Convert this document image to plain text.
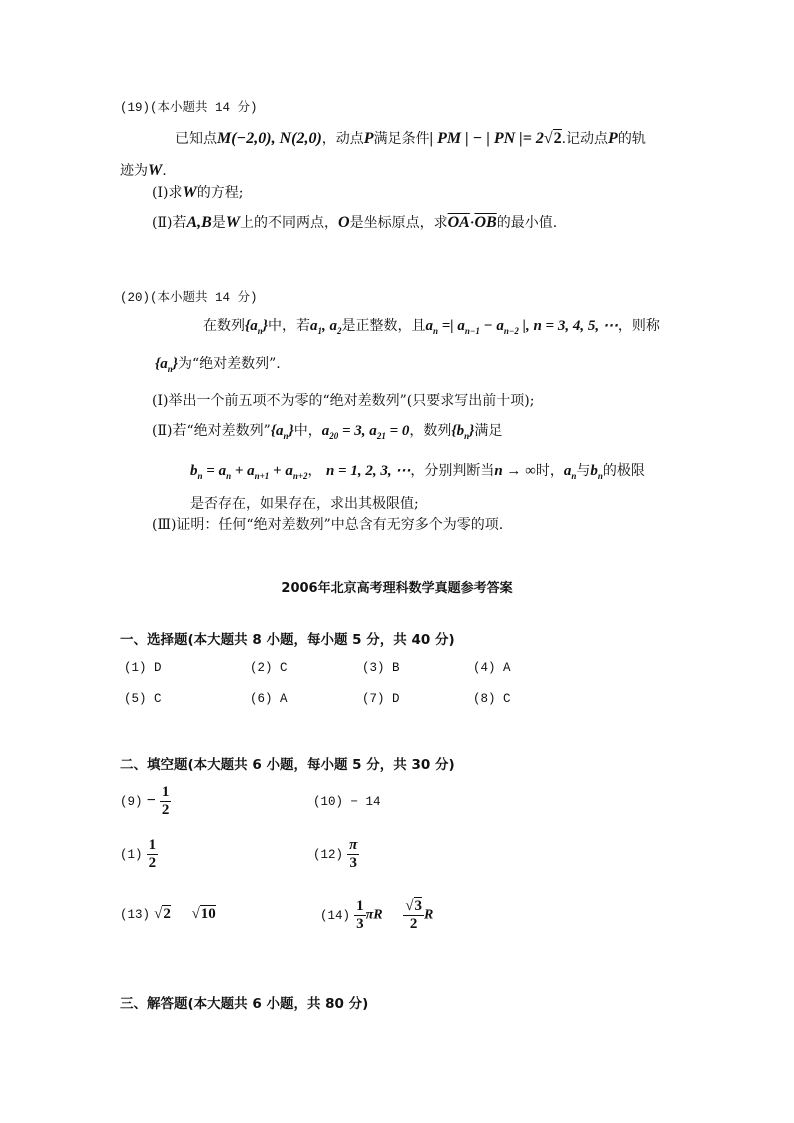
(19)(本小题共 14 分)
已知点M(−2,0), N(2,0)，动点P满足条件| PM | − | PN |= 2√2.记动点P的轨
迹为W.
(Ⅰ)求W的方程;
(Ⅱ)若A,B是W上的不同两点，O是坐标原点，求$\overline{OA}\cdot\overline{OB}$的最小值.
(20)(本小题共 14 分)
在数列$\{a_n\}$中，若$a_1$, $a_2$是正整数，且$a_n$ =| $a_{n-1} - a_{n-2}$ |, n = 3, 4, 5, ⋯，则称
$\{a_n\}$为“绝对差数列”.
(Ⅰ)举出一个前五项不为零的“绝对差数列”(只要求写出前十项);
(Ⅱ)若“绝对差数列$”\{a_n\}$中，$a_{20} = 3$, $a_{21} = 0$，数列$\{b_n\}$满足
$b_n = a_n + a_{n+1} + a_{n+2}$， n = 1, 2, 3, ⋯，分别判断当n → ∞时，$a_n$与$b_n$的极限
是否存在，如果存在，求出其极限值;
(Ⅲ)证明：任何“绝对差数列”中总含有无穷多个为零的项.
2006年北京高考理科数学真题参考答案
一、选择题(本大题共 8 小题，每小题 5 分，共 40 分)
(1) D	(2) C	(3) B	(4) A
(5) C	(6) A	(7) D	(8) C
二、填空题(本大题共 6 小题，每小题 5 分，共 30 分)
$(9) - \frac{1}{2}$	(10) − 14
$(1) \frac{1}{2}$	$(12) \frac{\pi}{3}$
(13) √2 √10	$(14) \frac{1}{3}$ πR $\frac{√3}{2}$ R
三、解答题(本大题共 6 小题，共 80 分)
